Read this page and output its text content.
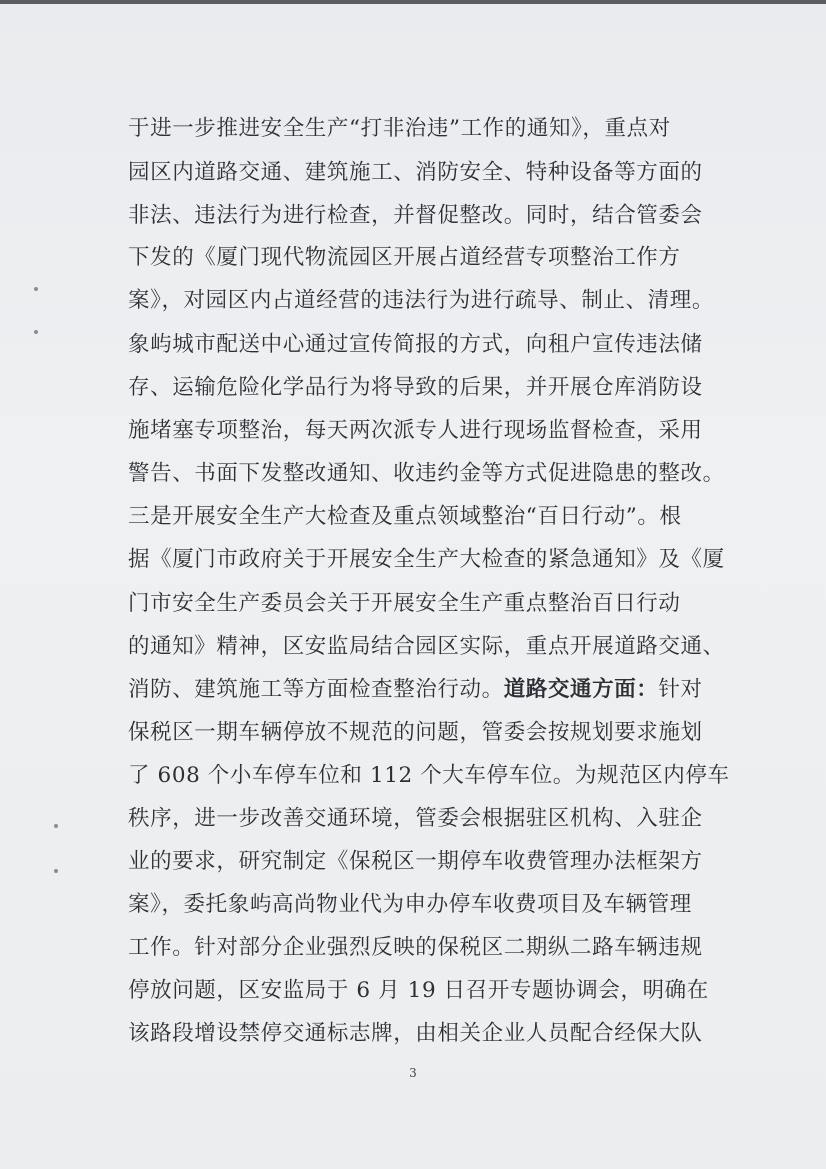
于进一步推进安全生产“打非治违”工作的通知》，重点对
园区内道路交通、建筑施工、消防安全、特种设备等方面的
非法、违法行为进行检查，并督促整改。同时，结合管委会
下发的《厦门现代物流园区开展占道经营专项整治工作方
案》，对园区内占道经营的违法行为进行疏导、制止、清理。
象屿城市配送中心通过宣传简报的方式，向租户宣传违法储
存、运输危险化学品行为将导致的后果，并开展仓库消防设
施堵塞专项整治，每天两次派专人进行现场监督检查，采用
警告、书面下发整改通知、收违约金等方式促进隐患的整改。
三是开展安全生产大检查及重点领域整治“百日行动”。根
据《厦门市政府关于开展安全生产大检查的紧急通知》及《厦
门市安全生产委员会关于开展安全生产重点整治百日行动
的通知》精神，区安监局结合园区实际，重点开展道路交通、
消防、建筑施工等方面检查整治行动。道路交通方面：针对
保税区一期车辆停放不规范的问题，管委会按规划要求施划
了 608 个小车停车位和 112 个大车停车位。为规范区内停车
秩序，进一步改善交通环境，管委会根据驻区机构、入驻企
业的要求，研究制定《保税区一期停车收费管理办法框架方
案》，委托象屿高尚物业代为申办停车收费项目及车辆管理
工作。针对部分企业强烈反映的保税区二期纵二路车辆违规
停放问题，区安监局于 6 月 19 日召开专题协调会，明确在
该路段增设禁停交通标志牌，由相关企业人员配合经保大队
3
